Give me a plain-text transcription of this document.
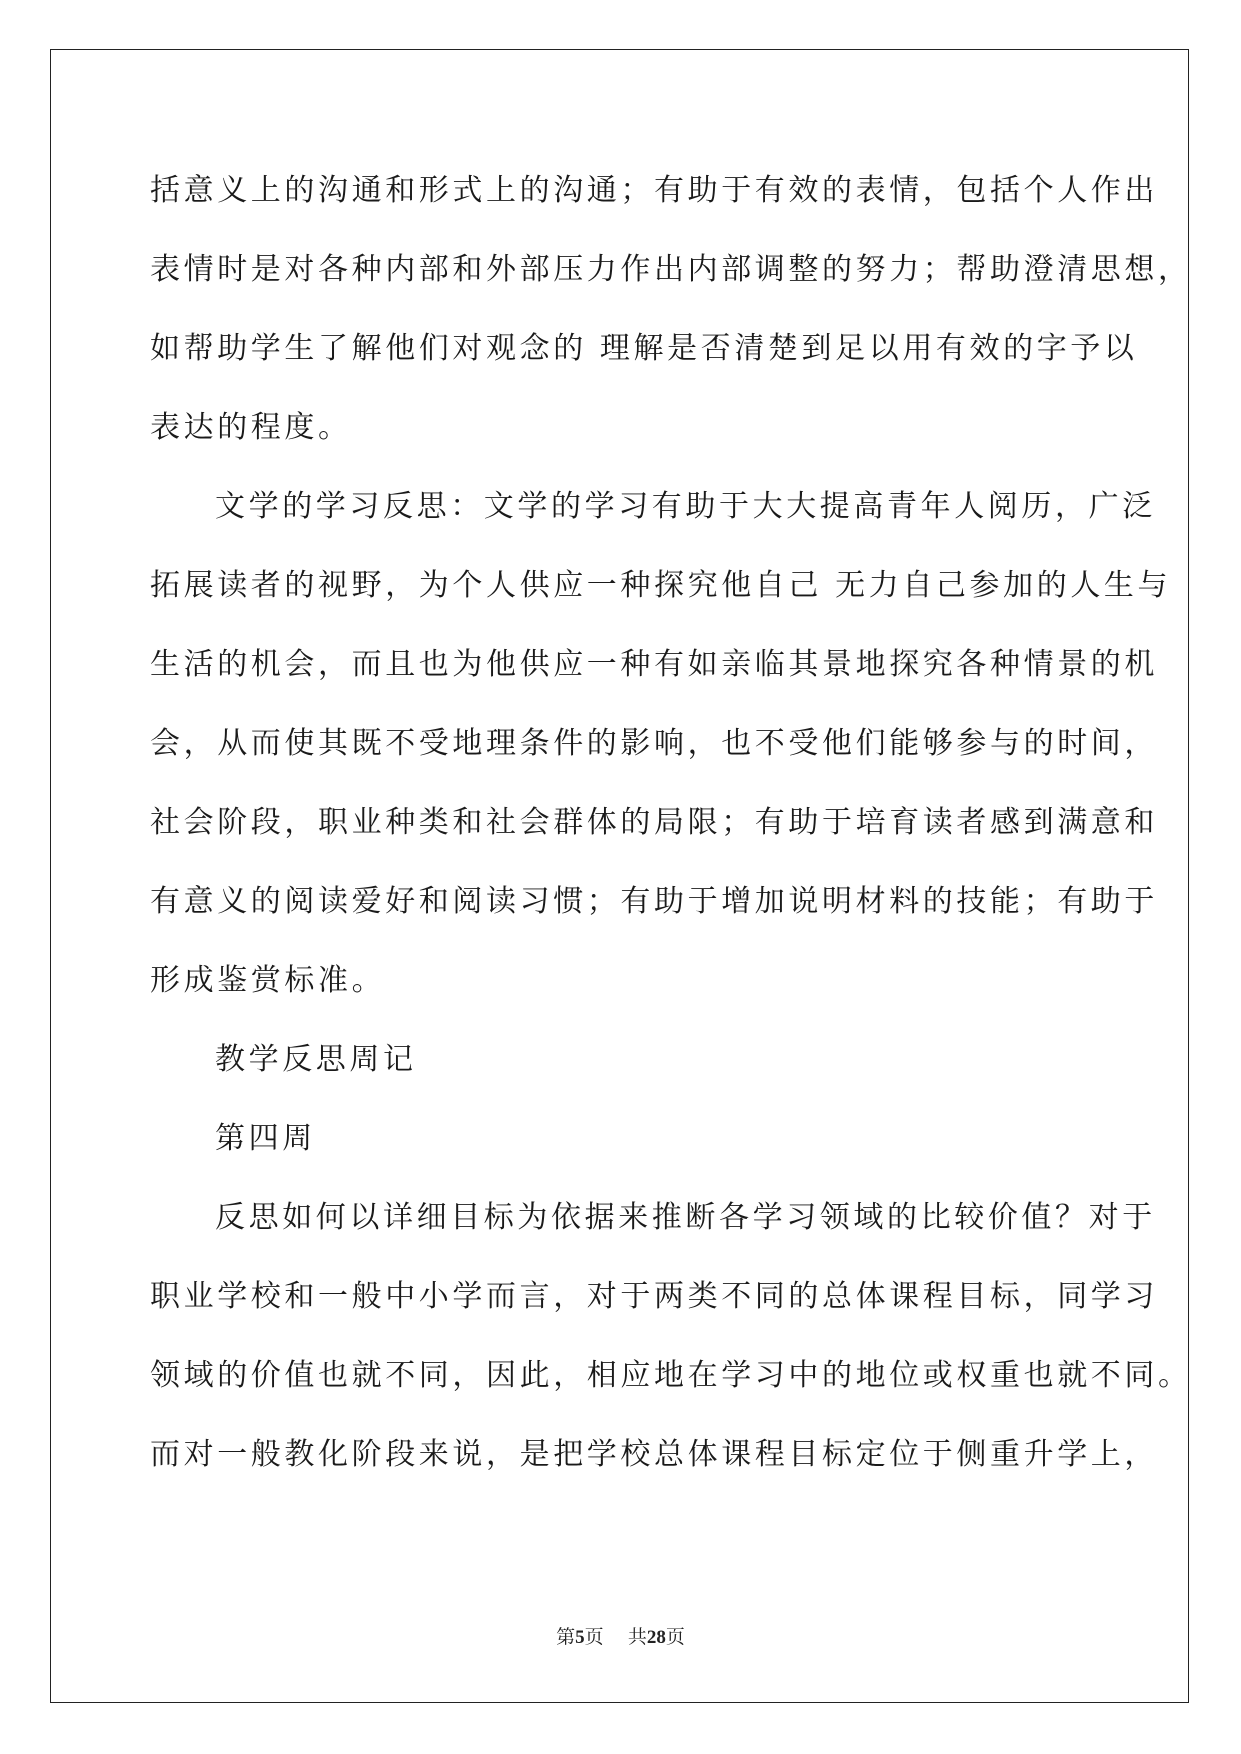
括意义上的沟通和形式上的沟通；有助于有效的表情，包括个人作出
表情时是对各种内部和外部压力作出内部调整的努力；帮助澄清思想，
如帮助学生了解他们对观念的 理解是否清楚到足以用有效的字予以
表达的程度。
文学的学习反思：文学的学习有助于大大提高青年人阅历，广泛
拓展读者的视野，为个人供应一种探究他自己 无力自己参加的人生与
生活的机会，而且也为他供应一种有如亲临其景地探究各种情景的机
会，从而使其既不受地理条件的影响，也不受他们能够参与的时间，
社会阶段，职业种类和社会群体的局限；有助于培育读者感到满意和
有意义的阅读爱好和阅读习惯；有助于增加说明材料的技能；有助于
形成鉴赏标准。
教学反思周记
第四周
反思如何以详细目标为依据来推断各学习领域的比较价值？对于
职业学校和一般中小学而言，对于两类不同的总体课程目标，同学习
领域的价值也就不同，因此，相应地在学习中的地位或权重也就不同。
而对一般教化阶段来说，是把学校总体课程目标定位于侧重升学上，
第5页 共28页
